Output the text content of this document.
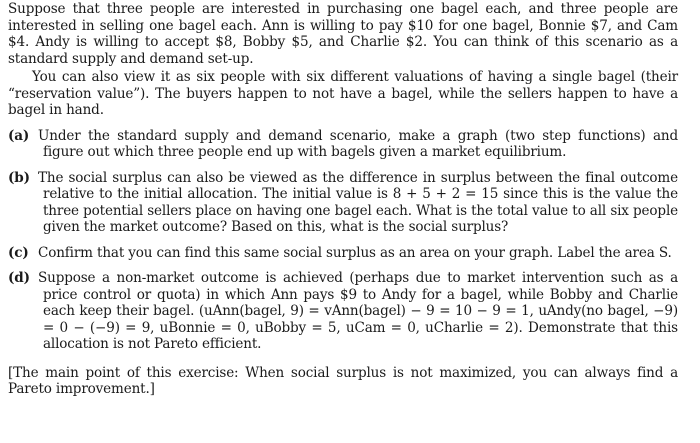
Suppose that three people are interested in purchasing one bagel each, and three people are interested in selling one bagel each. Ann is willing to pay $10 for one bagel, Bonnie $7, and Cam $4. Andy is willing to accept $8, Bobby $5, and Charlie $2. You can think of this scenario as a standard supply and demand set-up.

You can also view it as six people with six different valuations of having a single bagel (their “reservation value”). The buyers happen to not have a bagel, while the sellers happen to have a bagel in hand.

(a) Under the standard supply and demand scenario, make a graph (two step functions) and figure out which three people end up with bagels given a market equilibrium.
(b) The social surplus can also be viewed as the difference in surplus between the final outcome relative to the initial allocation. The initial value is 8 + 5 + 2 = 15 since this is the value the three potential sellers place on having one bagel each. What is the total value to all six people given the market outcome? Based on this, what is the social surplus?
(c) Confirm that you can find this same social surplus as an area on your graph. Label the area S.
(d) Suppose a non-market outcome is achieved (perhaps due to market intervention such as a price control or quota) in which Ann pays $9 to Andy for a bagel, while Bobby and Charlie each keep their bagel. (uAnn(bagel, 9) = vAnn(bagel) − 9 = 10 − 9 = 1, uAndy(no bagel, −9) = 0 − (−9) = 9, uBonnie = 0, uBobby = 5, uCam = 0, uCharlie = 2). Demonstrate that this allocation is not Pareto efficient.

[The main point of this exercise: When social surplus is not maximized, you can always find a Pareto improvement.]
